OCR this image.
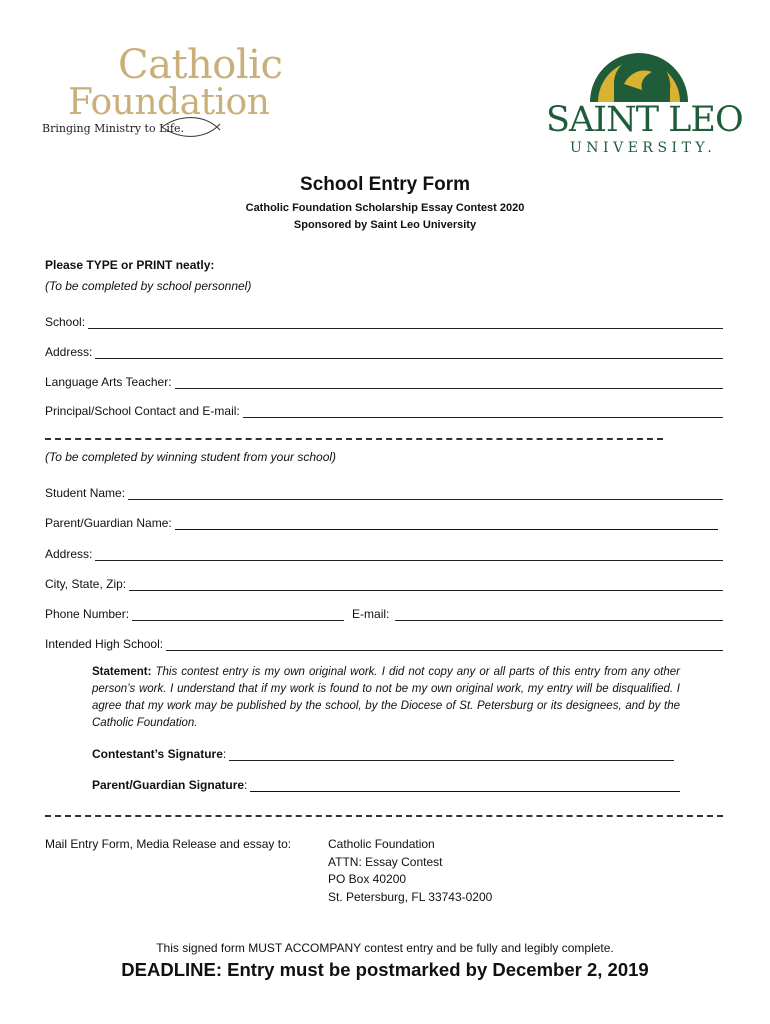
Catholic
Foundation
Bringing Ministry to Life.	SAINT LEO
UNIVERSITY.
School Entry Form
Catholic Foundation Scholarship Essay Contest 2020
Sponsored by Saint Leo University
Please TYPE or PRINT neatly:
(To be completed by school personnel)
School:
Address:
Language Arts Teacher:
Principal/School Contact and E-mail:
(To be completed by winning student from your school)
Student Name:
Parent/Guardian Name:
Address:
City, State, Zip:
Phone Number:	E-mail:
Intended High School:
Statement: This contest entry is my own original work. I did not copy any or all parts of this entry from any other person’s work. I understand that if my work is found to not be my own original work, my entry will be disqualified. I agree that my work may be published by the school, by the Diocese of St. Petersburg or its designees, and by the Catholic Foundation.
Contestant’s Signature :
Parent/Guardian Signature :
Mail Entry Form, Media Release and essay to:	Catholic Foundation
ATTN: Essay Contest
PO Box 40200
St. Petersburg, FL 33743-0200
This signed form MUST ACCOMPANY contest entry and be fully and legibly complete.
DEADLINE: Entry must be postmarked by December 2, 2019
